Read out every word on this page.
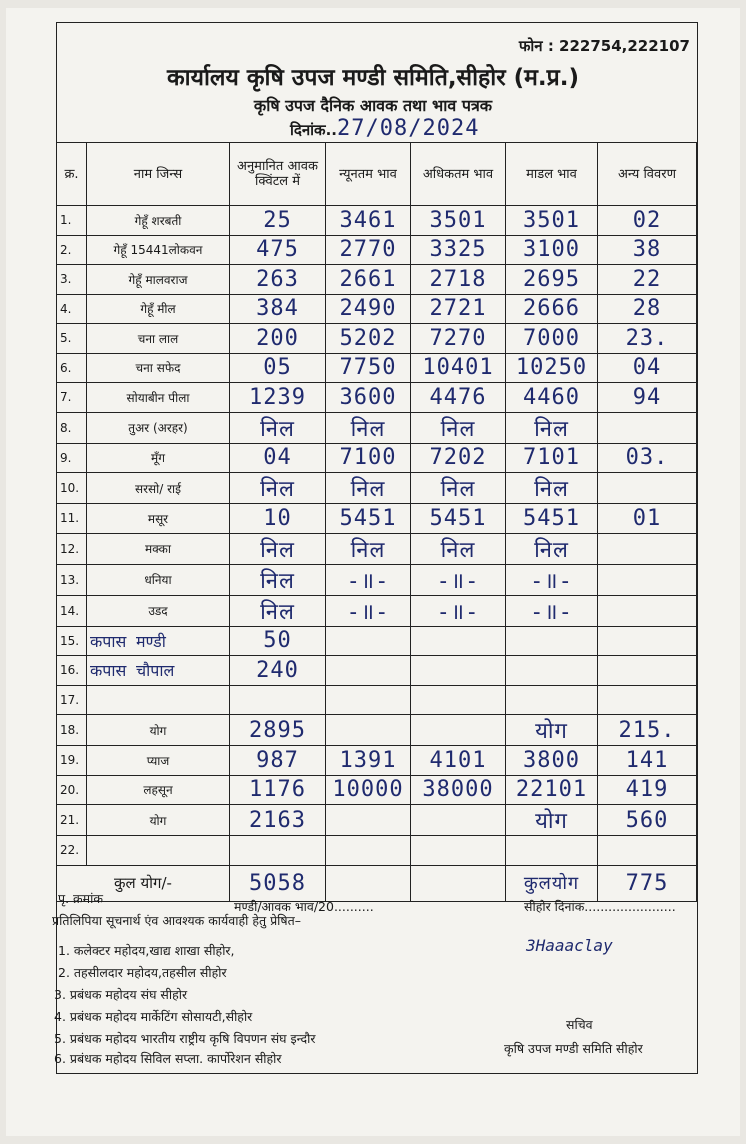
फोन : 222754,222107
कार्यालय कृषि उपज मण्डी समिति,सीहोर (म.प्र.)
कृषि उपज दैनिक आवक तथा भाव पत्रक
दिनांक..27/08/2024
क्र.	नाम जिन्स	अनुमानित आवक क्विंटल में	न्यूनतम भाव	अधिकतम भाव	माडल भाव	अन्य विवरण
1.	गेहूँ शरबती	25	3461	3501	3501	02
2.	गेहूँ 15441लोकवन	475	2770	3325	3100	38
3.	गेहूँ मालवराज	263	2661	2718	2695	22
4.	गेहूँ मील	384	2490	2721	2666	28
5.	चना लाल	200	5202	7270	7000	23.
6.	चना सफेद	05	7750	10401	10250	04
7.	सोयाबीन पीला	1239	3600	4476	4460	94
8.	तुअर (अरहर)	निल	निल	निल	निल	
9.	मूँग	04	7100	7202	7101	03.
10.	सरसो/ राई	निल	निल	निल	निल	
11.	मसूर	10	5451	5451	5451	01
12.	मक्का	निल	निल	निल	निल	
13.	धनिया	निल	-॥-	-॥-	-॥-	
14.	उडद	निल	-॥-	-॥-	-॥-	
15.	कपास मण्डी	50				
16.	कपास चौपाल	240				
17.						
18.	योग	2895			योग	215.
19.	प्याज	987	1391	4101	3800	141
20.	लहसून	1176	10000	38000	22101	419
21.	योग	2163			योग	560
22.						
कुल योग/-		5058			कुलयोग	775
पृ. क्रमांक
मण्डी/आवक भाव/20..........	सीहोर दिनांक.......................
प्रतिलिपिया सूचनार्थ एंव आवश्यक कार्यवाही हेतु प्रेषित–
1. कलेक्टर महोदय,खाद्य शाखा सीहोर,
2. तहसीलदार महोदय,तहसील सीहोर
3. प्रबंधक महोदय संघ सीहोर
4. प्रबंधक महोदय मार्केटिंग सोसायटी,सीहोर
5. प्रबंधक महोदय भारतीय राष्ट्रीय कृषि विपणन संघ इन्दौर
6. प्रबंधक महोदय सिविल सप्ला. कार्पोरेशन सीहोर
3Haaaclay
सचिव
कृषि उपज मण्डी समिति सीहोर
